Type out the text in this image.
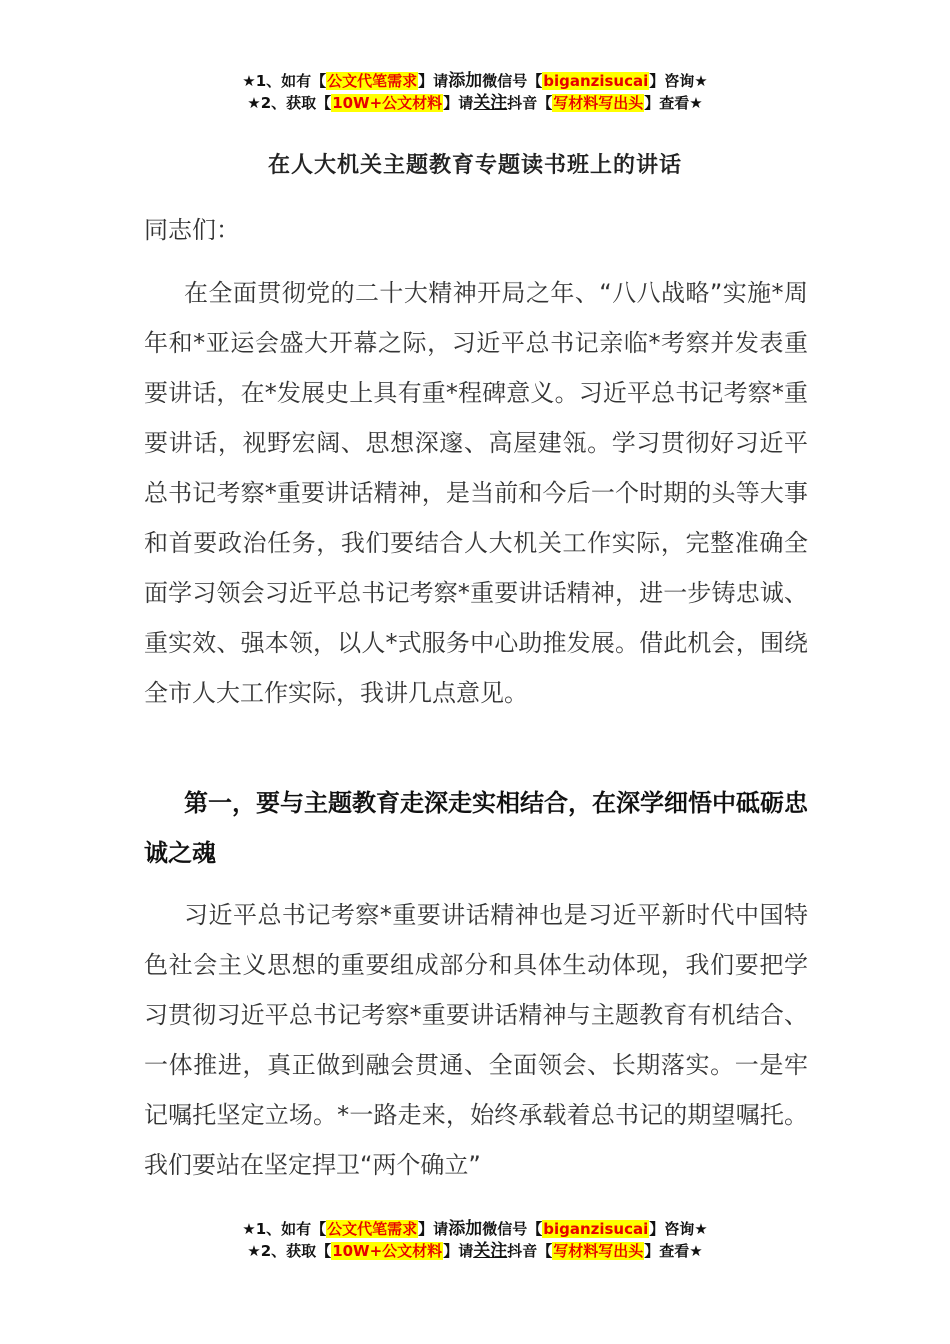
★1、如有【公文代笔需求】请添加微信号【biganzisucai】咨询★
★2、获取【10W+公文材料】请关注抖音【写材料写出头】查看★
在人大机关主题教育专题读书班上的讲话
同志们：

在全面贯彻党的二十大精神开局之年、“八八战略”实施*周年和*亚运会盛大开幕之际，习近平总书记亲临*考察并发表重要讲话，在*发展史上具有重*程碑意义。习近平总书记考察*重要讲话，视野宏阔、思想深邃、高屋建瓴。学习贯彻好习近平总书记考察*重要讲话精神，是当前和今后一个时期的头等大事和首要政治任务，我们要结合人大机关工作实际，完整准确全面学习领会习近平总书记考察*重要讲话精神，进一步铸忠诚、重实效、强本领，以人*式服务中心助推发展。借此机会，围绕全市人大工作实际，我讲几点意见。

第一，要与主题教育走深走实相结合，在深学细悟中砥砺忠诚之魂

习近平总书记考察*重要讲话精神也是习近平新时代中国特色社会主义思想的重要组成部分和具体生动体现，我们要把学习贯彻习近平总书记考察*重要讲话精神与主题教育有机结合、一体推进，真正做到融会贯通、全面领会、长期落实。一是牢记嘱托坚定立场。*一路走来，始终承载着总书记的期望嘱托。我们要站在坚定捍卫“两个确立”

★1、如有【公文代笔需求】请添加微信号【biganzisucai】咨询★
★2、获取【10W+公文材料】请关注抖音【写材料写出头】查看★
